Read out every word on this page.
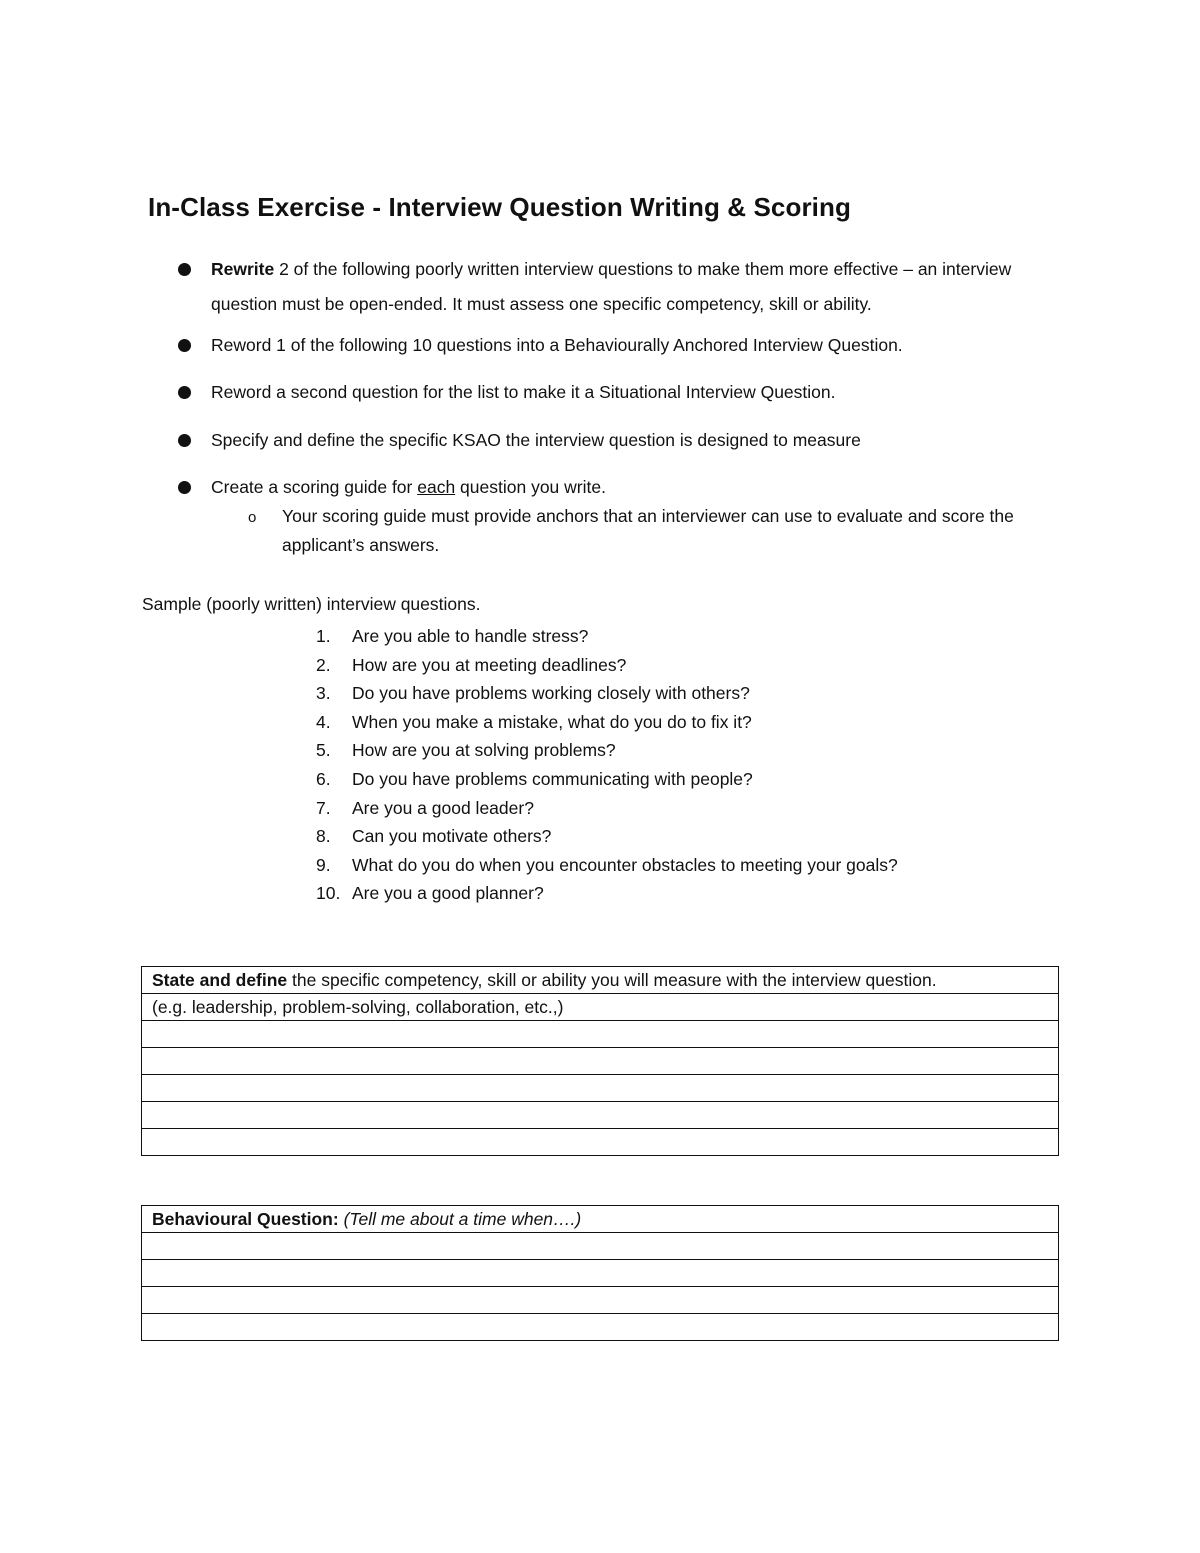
In-Class Exercise - Interview Question Writing & Scoring
Rewrite 2 of the following poorly written interview questions to make them more effective – an interview question must be open-ended. It must assess one specific competency, skill or ability.
Reword 1 of the following 10 questions into a Behaviourally Anchored Interview Question.
Reword a second question for the list to make it a Situational Interview Question.
Specify and define the specific KSAO the interview question is designed to measure
Create a scoring guide for each question you write.
o Your scoring guide must provide anchors that an interviewer can use to evaluate and score the applicant’s answers.
Sample (poorly written) interview questions.
1.	Are you able to handle stress?
2.	How are you at meeting deadlines?
3.	Do you have problems working closely with others?
4.	When you make a mistake, what do you do to fix it?
5.	How are you at solving problems?
6.	Do you have problems communicating with people?
7.	Are you a good leader?
8.	Can you motivate others?
9.	What do you do when you encounter obstacles to meeting your goals?
10. Are you a good planner?
State and define the specific competency, skill or ability you will measure with the interview question.
(e.g. leadership, problem-solving, collaboration, etc.,)

Behavioural Question: (Tell me about a time when….)
